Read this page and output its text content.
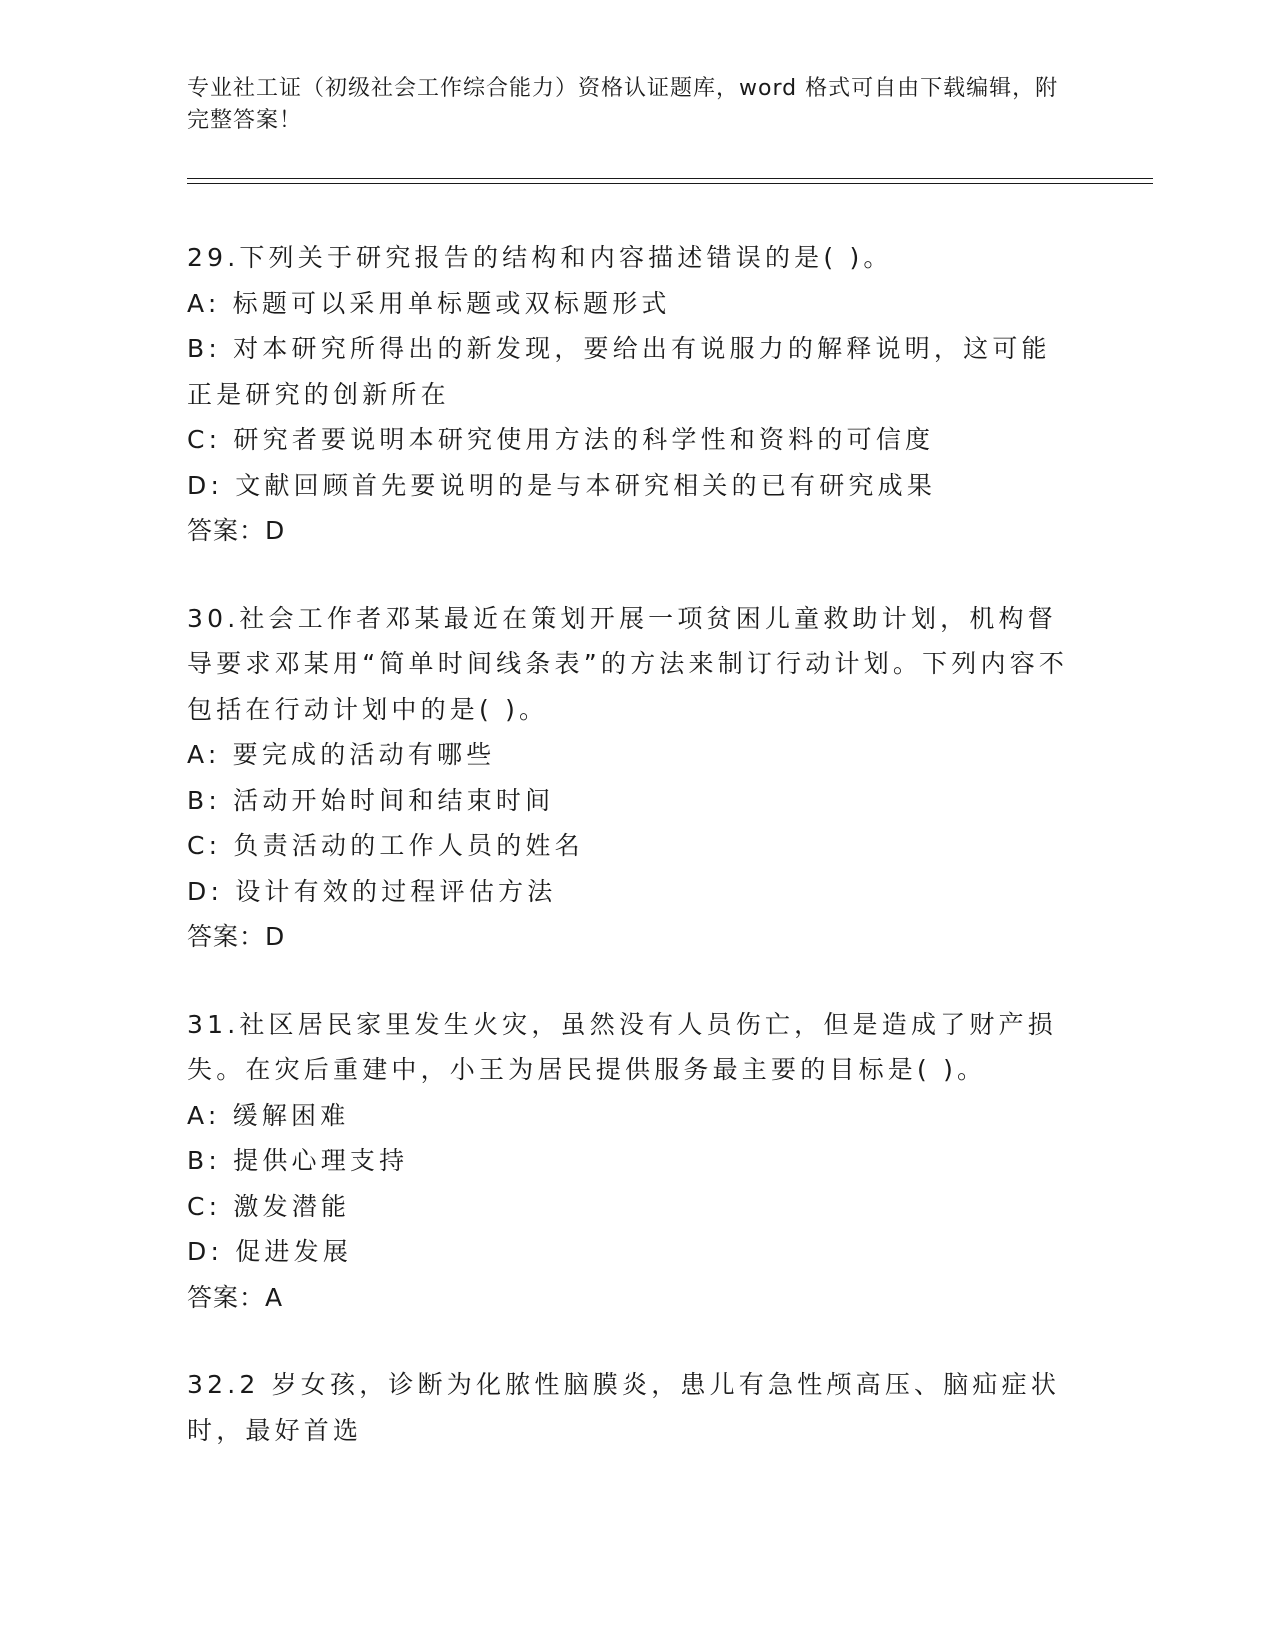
专业社工证（初级社会工作综合能力）资格认证题库，word 格式可自由下载编辑，附完整答案！
29.下列关于研究报告的结构和内容描述错误的是( )。
A: 标题可以采用单标题或双标题形式
B: 对本研究所得出的新发现，要给出有说服力的解释说明，这可能正是研究的创新所在
C: 研究者要说明本研究使用方法的科学性和资料的可信度
D: 文献回顾首先要说明的是与本研究相关的已有研究成果
答案：D
30.社会工作者邓某最近在策划开展一项贫困儿童救助计划，机构督导要求邓某用“简单时间线条表”的方法来制订行动计划。下列内容不包括在行动计划中的是( )。
A: 要完成的活动有哪些
B: 活动开始时间和结束时间
C: 负责活动的工作人员的姓名
D: 设计有效的过程评估方法
答案：D
31.社区居民家里发生火灾，虽然没有人员伤亡，但是造成了财产损失。在灾后重建中，小王为居民提供服务最主要的目标是( )。
A: 缓解困难
B: 提供心理支持
C: 激发潜能
D: 促进发展
答案：A
32.2 岁女孩，诊断为化脓性脑膜炎，患儿有急性颅高压、脑疝症状时，最好首选
